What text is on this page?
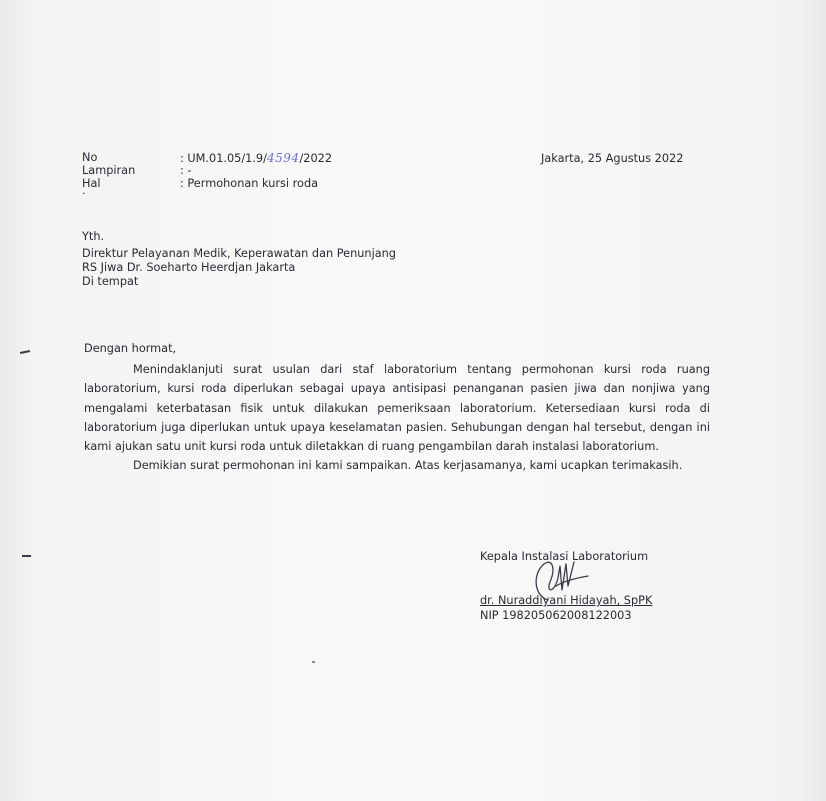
No
Lampiran
Hal
·
: UM.01.05/1.9/4594/2022
: -
: Permohonan kursi roda
Jakarta, 25 Agustus 2022
Yth.
Direktur Pelayanan Medik, Keperawatan dan Penunjang
RS Jiwa Dr. Soeharto Heerdjan Jakarta
Di tempat
Dengan hormat,

Menindaklanjuti surat usulan dari staf laboratorium tentang permohonan kursi roda ruang laboratorium, kursi roda diperlukan sebagai upaya antisipasi penanganan pasien jiwa dan nonjiwa yang mengalami keterbatasan fisik untuk dilakukan pemeriksaan laboratorium. Ketersediaan kursi roda di laboratorium juga diperlukan untuk upaya keselamatan pasien. Sehubungan dengan hal tersebut, dengan ini kami ajukan satu unit kursi roda untuk diletakkan di ruang pengambilan darah instalasi laboratorium.

Demikian surat permohonan ini kami sampaikan. Atas kerjasamanya, kami ucapkan terimakasih.

Kepala Instalasi Laboratorium
dr. Nuraddiyani Hidayah, SpPK
NIP 198205062008122003
